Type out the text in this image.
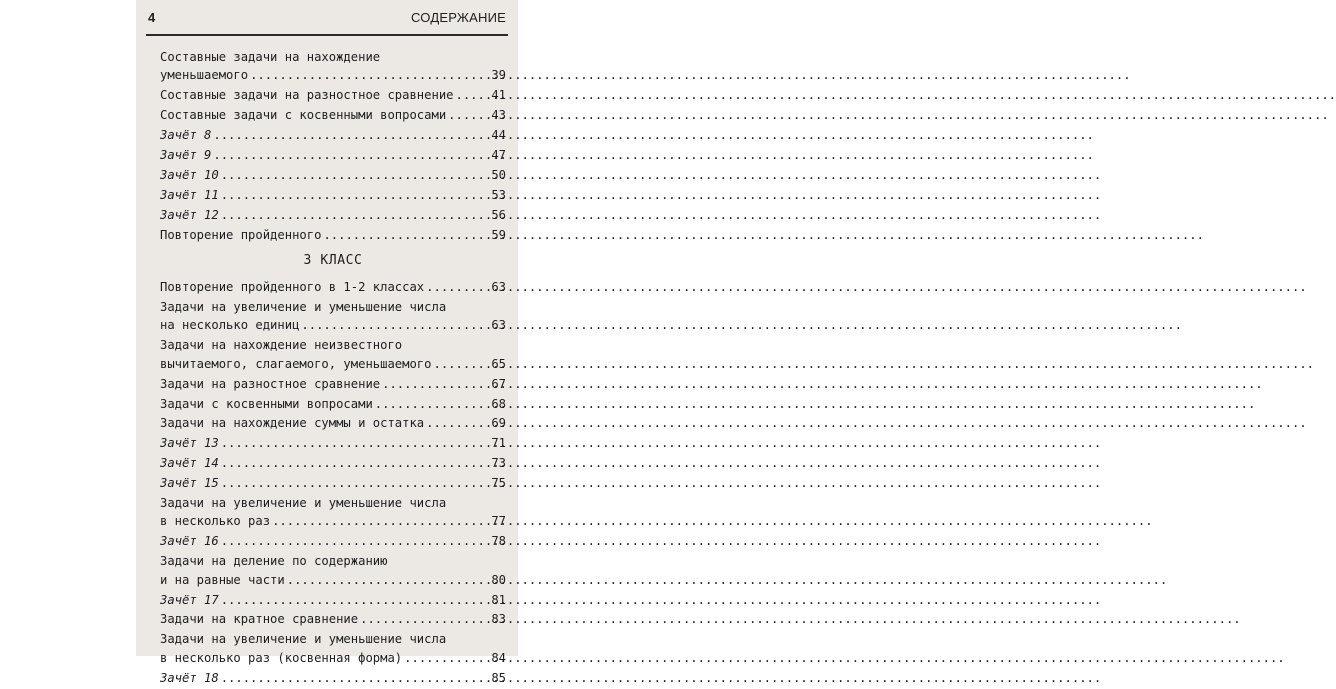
4	СОДЕРЖАНИЕ
Составные задачи на нахождение
уменьшаемого .....	39
Составные задачи на разностное сравнение .....	41
Составные задачи с косвенными вопросами .....	43
Зачёт 8 .....	44
Зачёт 9 .....	47
Зачёт 10 .....	50
Зачёт 11 .....	53
Зачёт 12 .....	56
Повторение пройденного .....	59
3 КЛАСС
Повторение пройденного в 1-2 классах .....	63
Задачи на увеличение и уменьшение числа
на несколько единиц .....	63
Задачи на нахождение неизвестного
вычитаемого, слагаемого, уменьшаемого .....	65
Задачи на разностное сравнение .....	67
Задачи с косвенными вопросами .....	68
Задачи на нахождение суммы и остатка .....	69
Зачёт 13 .....	71
Зачёт 14 .....	73
Зачёт 15 .....	75
Задачи на увеличение и уменьшение числа
в несколько раз .....	77
Зачёт 16 .....	78
Задачи на деление по содержанию
и на равные части .....	80
Зачёт 17 .....	81
Задачи на кратное сравнение .....	83
Задачи на увеличение и уменьшение числа
в несколько раз (косвенная форма) .....	84
Зачёт 18 .....	85
